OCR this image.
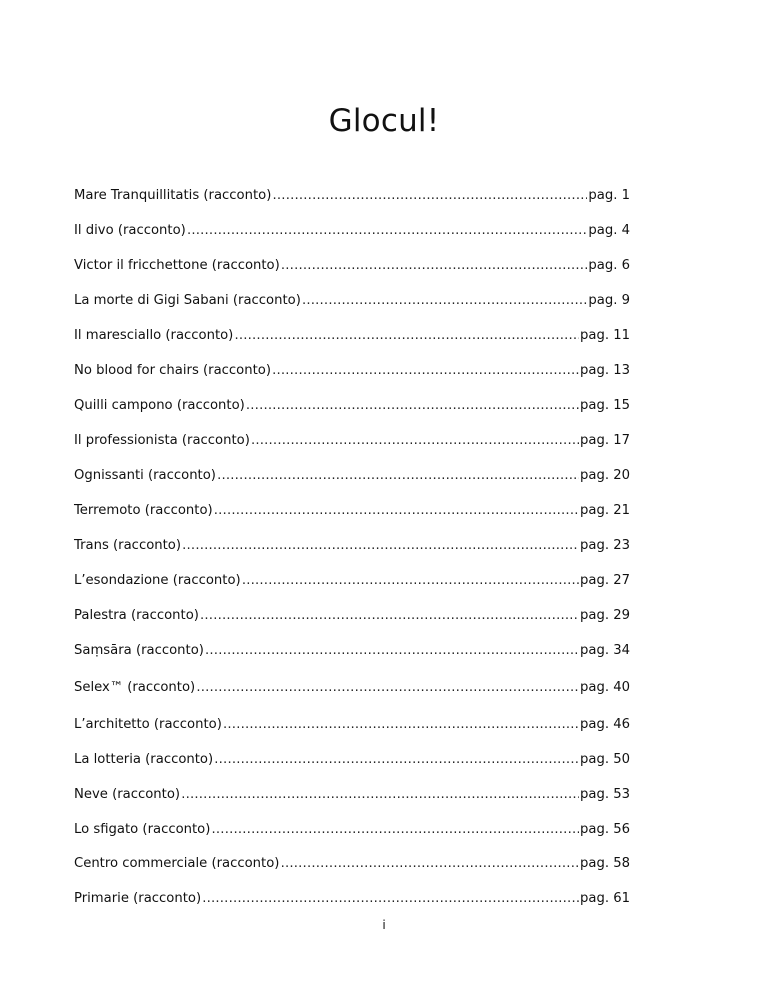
Glocul!
Mare Tranquillitatis (racconto) ……………………………………………………………………………………………………………………	pag. 1
Il divo (racconto) ……………………………………………………………………………………………………………………	pag. 4
Victor il fricchettone (racconto) ……………………………………………………………………………………………………………………	pag. 6
La morte di Gigi Sabani (racconto) ……………………………………………………………………………………………………………………	pag. 9
Il maresciallo (racconto) ……………………………………………………………………………………………………………………	pag. 11
No blood for chairs (racconto) ……………………………………………………………………………………………………………………	pag. 13
Quilli campono (racconto) ……………………………………………………………………………………………………………………	pag. 15
Il professionista (racconto) ……………………………………………………………………………………………………………………	pag. 17
Ognissanti (racconto) ……………………………………………………………………………………………………………………	pag. 20
Terremoto (racconto) ……………………………………………………………………………………………………………………	pag. 21
Trans (racconto) ……………………………………………………………………………………………………………………	pag. 23
L’esondazione (racconto) ……………………………………………………………………………………………………………………	pag. 27
Palestra (racconto) ……………………………………………………………………………………………………………………	pag. 29
Saṃsāra (racconto) ……………………………………………………………………………………………………………………	pag. 34
Selex™ (racconto) ……………………………………………………………………………………………………………………	pag. 40
L’architetto (racconto) ……………………………………………………………………………………………………………………	pag. 46
La lotteria (racconto) ……………………………………………………………………………………………………………………	pag. 50
Neve (racconto) ……………………………………………………………………………………………………………………	pag. 53
Lo sfigato (racconto) ……………………………………………………………………………………………………………………	pag. 56
Centro commerciale (racconto) ……………………………………………………………………………………………………………………	pag. 58
Primarie (racconto) ……………………………………………………………………………………………………………………	pag. 61
i
